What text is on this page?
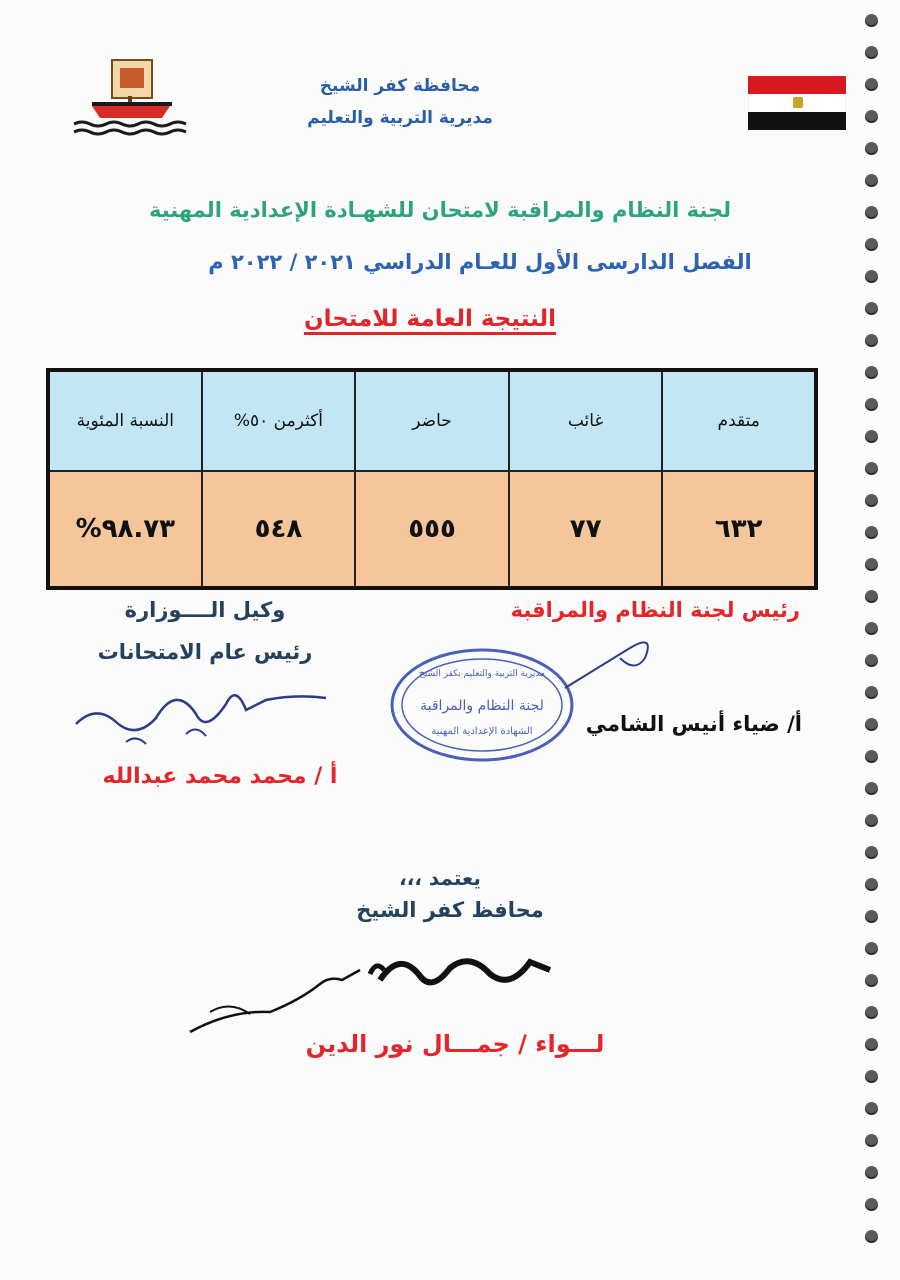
محافظة كفر الشيخ
مديرية التربية والتعليم
لجنة النظام والمراقبة لامتحان للشهـادة الإعدادية المهنية
الفصل الدارسى الأول للعـام الدراسي ٢٠٢١ / ٢٠٢٢ م
النتيجة العامة للامتحان
متقدم	غائب	حاضر	أكثرمن ٥٠%	النسبة المئوية
٦٣٢	٧٧	٥٥٥	٥٤٨	٩٨.٧٣%
رئيس لجنة النظام والمراقبة
وكيل الــــوزارة
رئيس عام الامتحانات
مديرية التربية والتعليم بكفر الشيخ
لجنة النظام والمراقبة
الشهادة الإعدادية المهنية	أ/ ضياء أنيس الشامي
أ / محمد محمد عبدالله
يعتمد ،،،
محافظ كفر الشيخ
لـــواء / جمـــال نور الدين
